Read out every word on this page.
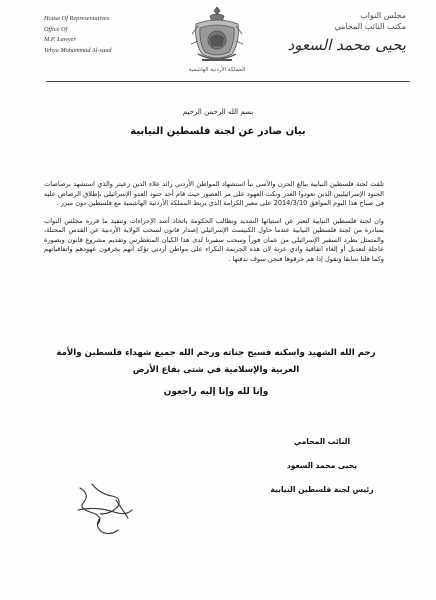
House Of Representatives
Office Of
M.P. Lawyer
Yehya Mohammad Al-saud
المملكة الأردنية الهاشمية
مجلس النواب
مكتب النائب المحامي
يحيى محمد السعود
بسم الله الرحمن الرحيم
بيان صادر عن لجنة فلسطين النيابية

تلقت لجنة فلسطين النيابية ببالغ الحزن والأسى نبأ استشهاد المواطن الأردني رائد علاء الدين زعيتر والذي استشهد برصاصات الجنود الإسرائيليين الذين تعودوا الغدر ونكث العهود على مر العصور حيث قام أحد جنود العدو الإسرائيلي بإطلاق الرصاص عليه في صباح هذا اليوم الموافق 2014/3/10 على معبر الكرامة الذي يربط المملكة الأردنية الهاشمية مع فلسطين دون مبرر .

وان لجنة فلسطين النيابية لتعبر عن استيائها الشديد وتطالب الحكومة باتخاذ أشد الإجراءات وتنفيذ ما قرره مجلس النواب بمبادرة من لجنة فلسطين النيابية عندما حاول الكنيست الإسرائيلي إصدار قانون لسحب الولاية الأردنية عن القدس المحتلة، والمتمثل بطرد السفير الإسرائيلي من عمان فوراً وسحب سفيرنا لدى هذا الكيان المتغطرس وتقديم مشروع قانون وبصورة عاجلة لتعديل أو إلغاء اتفاقية وادي عربة لان هذه الجريمة النكراء على مواطن أردني تؤكد أنهم يخرقون عهودهم واتفاقياتهم وكما قلنا سابقا ونقول إذا هم خرقوها فنحن سوف ندفنها .

رحم الله الشهيد واسكنه فسيح جناته ورحم الله جميع شهداء فلسطين والأمة العربية والإسلامية في شتى بقاع الأرض
وإنا لله وإنا إليه راجعون
النائب المحامي
يحيى محمد السعود
رئيس لجنة فلسطين النيابية
